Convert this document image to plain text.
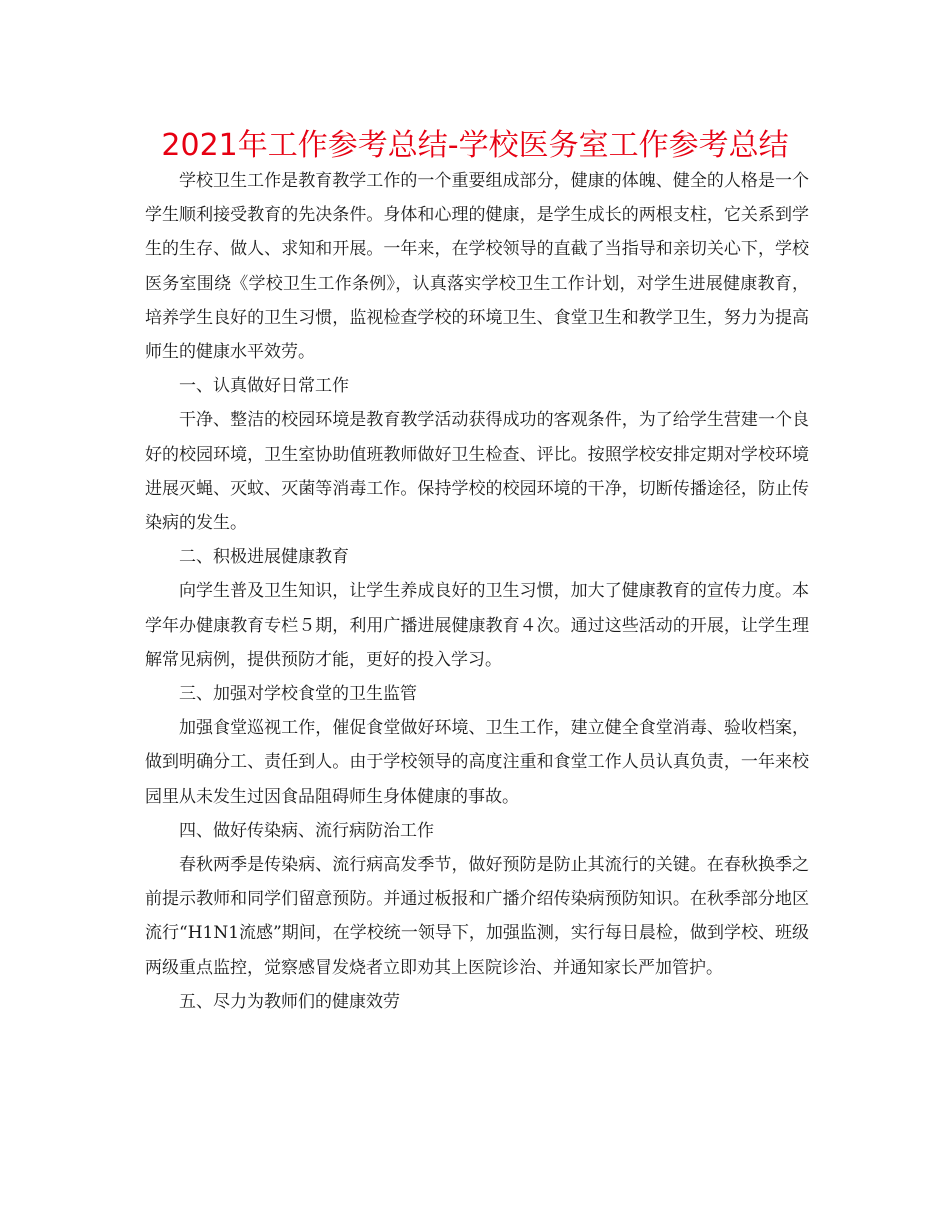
2021年工作参考总结-学校医务室工作参考总结

学校卫生工作是教育教学工作的一个重要组成部分，健康的体魄、健全的人格是一个学生顺利接受教育的先决条件。身体和心理的健康，是学生成长的两根支柱，它关系到学生的生存、做人、求知和开展。一年来，在学校领导的直截了当指导和亲切关心下，学校医务室围绕《学校卫生工作条例》，认真落实学校卫生工作计划，对学生进展健康教育，培养学生良好的卫生习惯，监视检查学校的环境卫生、食堂卫生和教学卫生，努力为提高师生的健康水平效劳。

一、认真做好日常工作

干净、整洁的校园环境是教育教学活动获得成功的客观条件，为了给学生营建一个良好的校园环境，卫生室协助值班教师做好卫生检查、评比。按照学校安排定期对学校环境进展灭蝇、灭蚊、灭菌等消毒工作。保持学校的校园环境的干净，切断传播途径，防止传染病的发生。

二、积极进展健康教育

向学生普及卫生知识，让学生养成良好的卫生习惯，加大了健康教育的宣传力度。本学年办健康教育专栏５期，利用广播进展健康教育４次。通过这些活动的开展，让学生理解常见病例，提供预防才能，更好的投入学习。

三、加强对学校食堂的卫生监管

加强食堂巡视工作，催促食堂做好环境、卫生工作，建立健全食堂消毒、验收档案，做到明确分工、责任到人。由于学校领导的高度注重和食堂工作人员认真负责，一年来校园里从未发生过因食品阻碍师生身体健康的事故。

四、做好传染病、流行病防治工作

春秋两季是传染病、流行病高发季节，做好预防是防止其流行的关键。在春秋换季之前提示教师和同学们留意预防。并通过板报和广播介绍传染病预防知识。在秋季部分地区流行“H1N1流感”期间，在学校统一领导下，加强监测，实行每日晨检，做到学校、班级两级重点监控，觉察感冒发烧者立即劝其上医院诊治、并通知家长严加管护。

五、尽力为教师们的健康效劳
